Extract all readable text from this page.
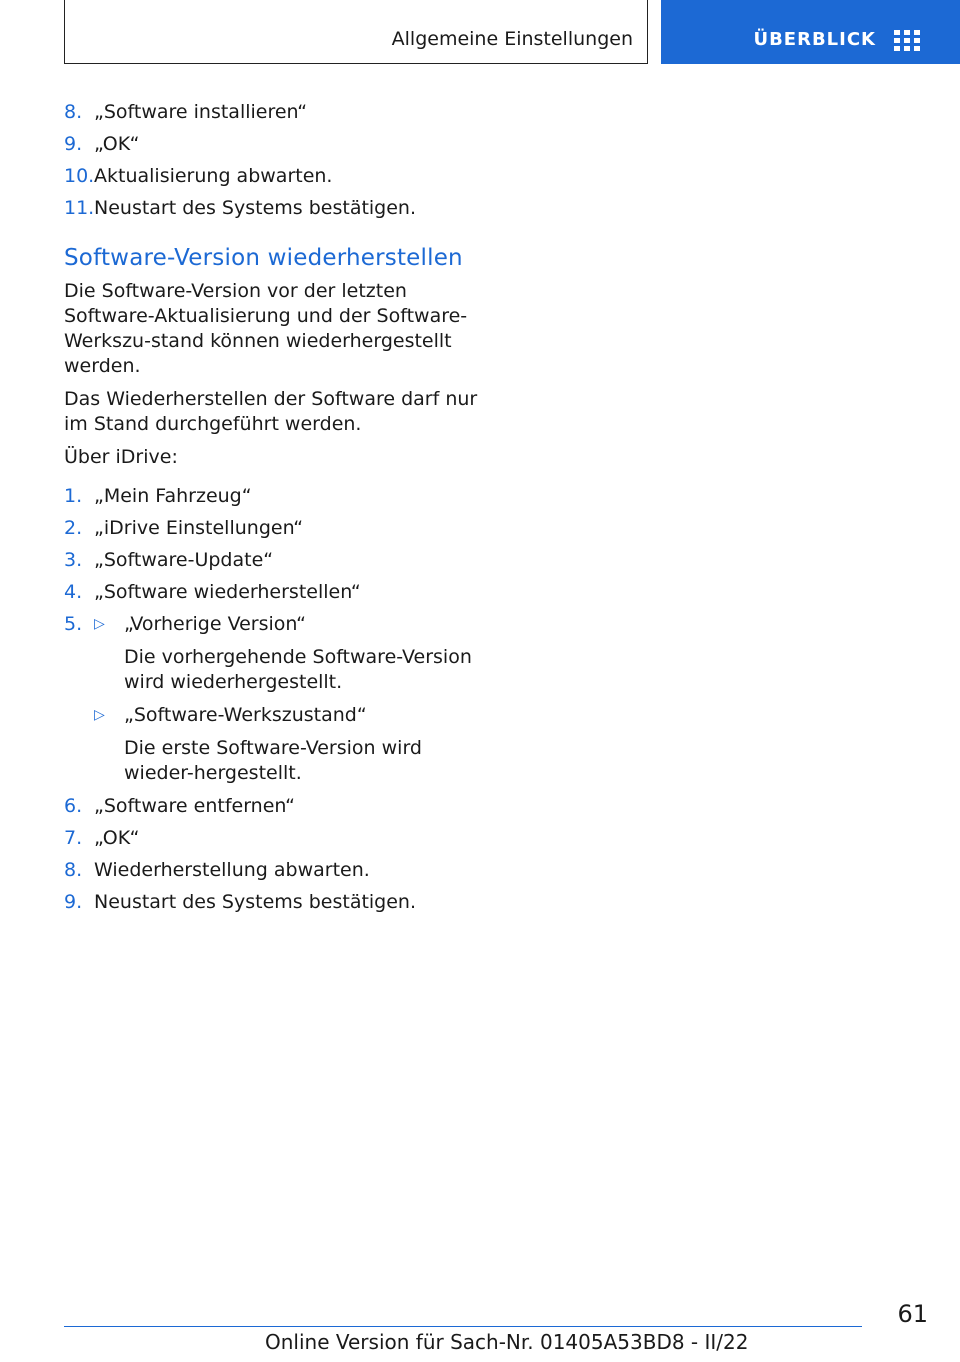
Allgemeine Einstellungen	ÜBERBLICK
8. „Software installieren“
9. „OK“
10. Aktualisierung abwarten.
11. Neustart des Systems bestätigen.
Software-Version wiederherstellen

Die Software-Version vor der letzten Software-Aktualisierung und der Software-Werkszu-stand können wiederhergestellt werden.

Das Wiederherstellen der Software darf nur im Stand durchgeführt werden.

Über iDrive:

1. „Mein Fahrzeug“
2. „iDrive Einstellungen“
3. „Software-Update“
4. „Software wiederherstellen“
5. ▷ „Vorherige Version“
Die vorhergehende Software-Version wird wiederhergestellt.
▷ „Software-Werkszustand“
Die erste Software-Version wird wieder-hergestellt.
6. „Software entfernen“
7. „OK“
8. Wiederherstellung abwarten.
9. Neustart des Systems bestätigen.
61
Online Version für Sach-Nr. 01405A53BD8 - II/22
